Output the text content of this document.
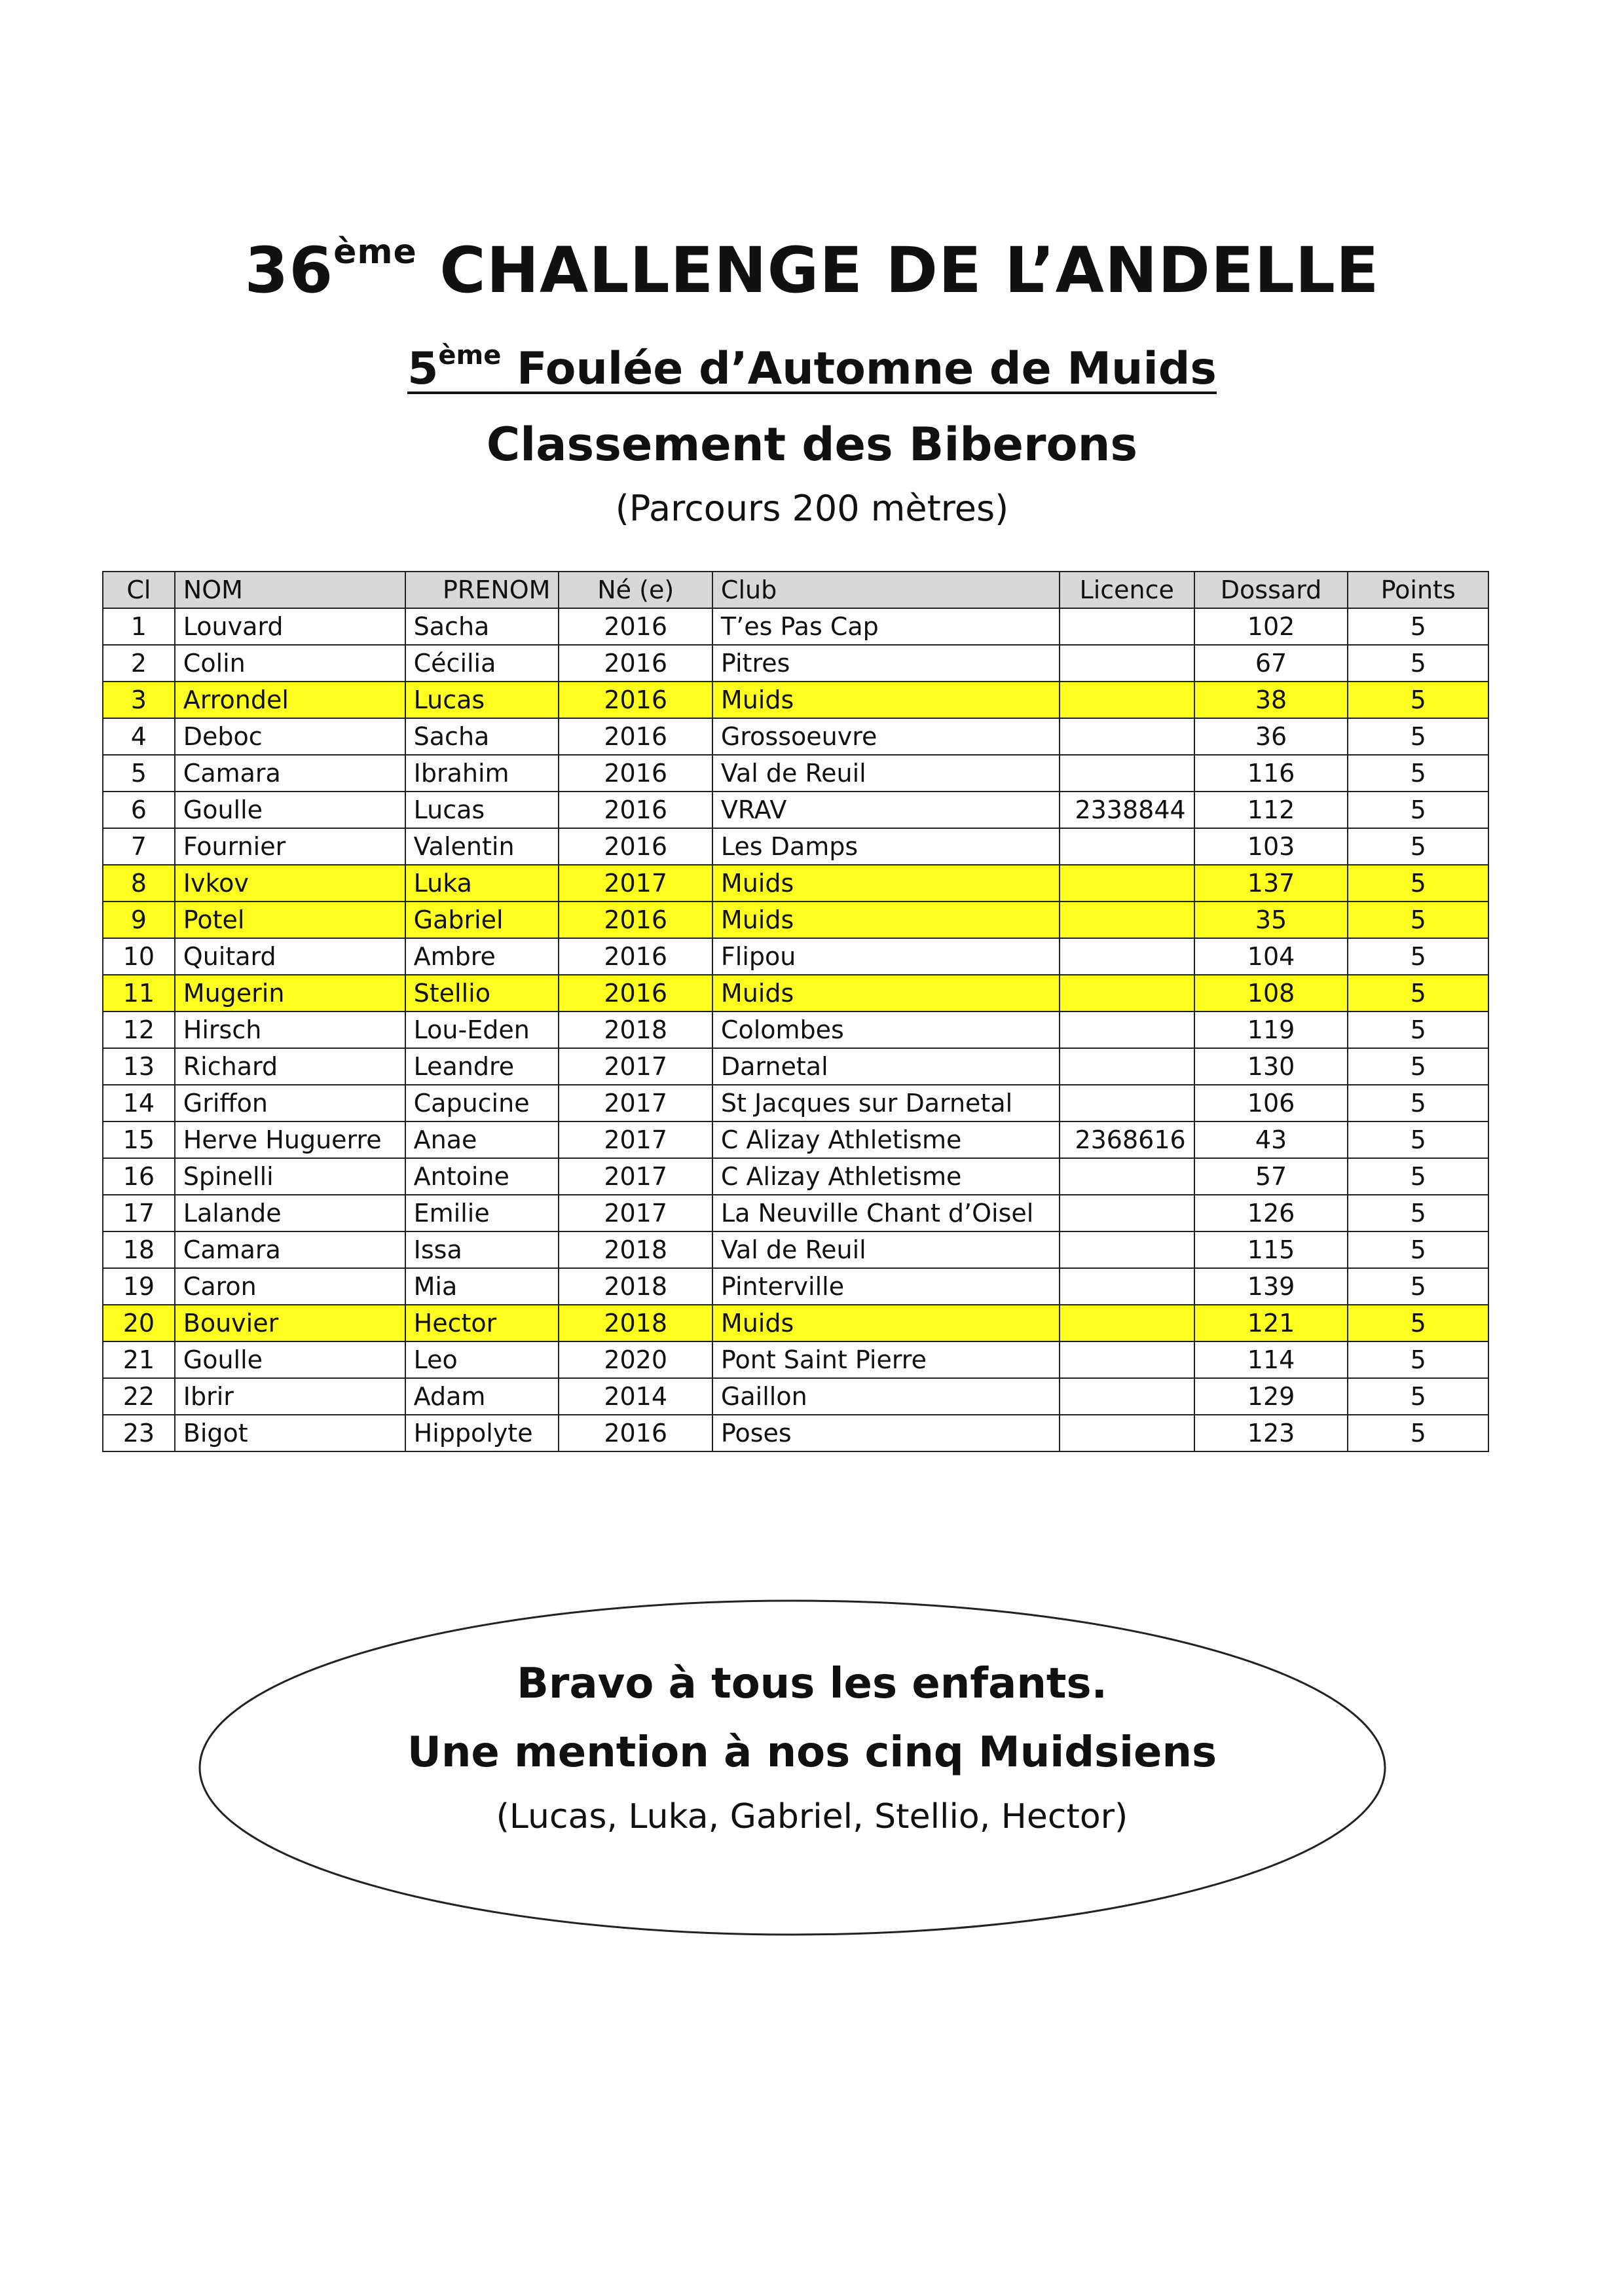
36ème CHALLENGE DE L’ANDELLE
5ème Foulée d’Automne de Muids
Classement des Biberons
(Parcours 200 mètres)
Cl	NOM	PRENOM	Né (e)	Club	Licence	Dossard	Points
1	Louvard	Sacha	2016	T’es Pas Cap		102	5
2	Colin	Cécilia	2016	Pitres		67	5
3	Arrondel	Lucas	2016	Muids		38	5
4	Deboc	Sacha	2016	Grossoeuvre		36	5
5	Camara	Ibrahim	2016	Val de Reuil		116	5
6	Goulle	Lucas	2016	VRAV	2338844	112	5
7	Fournier	Valentin	2016	Les Damps		103	5
8	Ivkov	Luka	2017	Muids		137	5
9	Potel	Gabriel	2016	Muids		35	5
10	Quitard	Ambre	2016	Flipou		104	5
11	Mugerin	Stellio	2016	Muids		108	5
12	Hirsch	Lou-Eden	2018	Colombes		119	5
13	Richard	Leandre	2017	Darnetal		130	5
14	Griffon	Capucine	2017	St Jacques sur Darnetal		106	5
15	Herve Huguerre	Anae	2017	C Alizay Athletisme	2368616	43	5
16	Spinelli	Antoine	2017	C Alizay Athletisme		57	5
17	Lalande	Emilie	2017	La Neuville Chant d’Oisel		126	5
18	Camara	Issa	2018	Val de Reuil		115	5
19	Caron	Mia	2018	Pinterville		139	5
20	Bouvier	Hector	2018	Muids		121	5
21	Goulle	Leo	2020	Pont Saint Pierre		114	5
22	Ibrir	Adam	2014	Gaillon		129	5
23	Bigot	Hippolyte	2016	Poses		123	5
Bravo à tous les enfants.
Une mention à nos cinq Muidsiens
(Lucas, Luka, Gabriel, Stellio, Hector)
